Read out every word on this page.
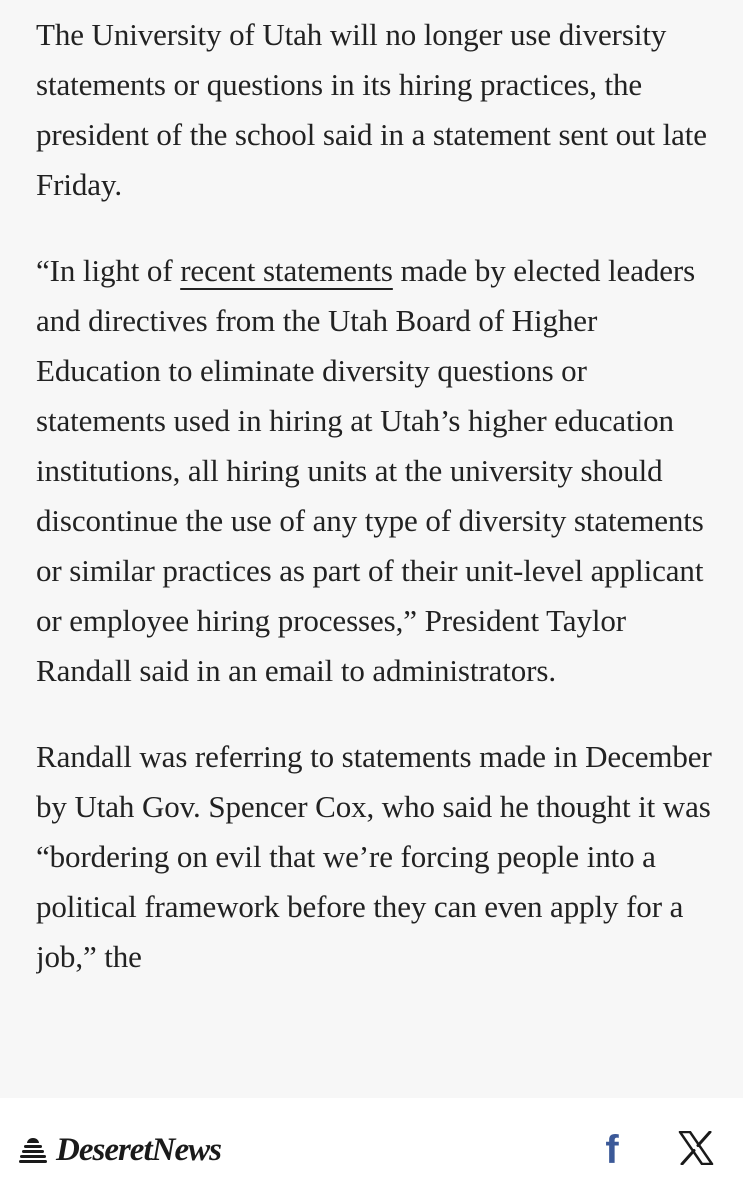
The University of Utah will no longer use diversity statements or questions in its hiring practices, the president of the school said in a statement sent out late Friday.

“In light of recent statements made by elected leaders and directives from the Utah Board of Higher Education to eliminate diversity questions or statements used in hiring at Utah’s higher education institutions, all hiring units at the university should discontinue the use of any type of diversity statements or similar practices as part of their unit-level applicant or employee hiring processes,” President Taylor Randall said in an email to administrators.

Randall was referring to statements made in December by Utah Gov. Spencer Cox, who said he thought it was “bordering on evil that we’re forcing people into a political framework before they can even apply for a job,” the

DeseretNews	f
